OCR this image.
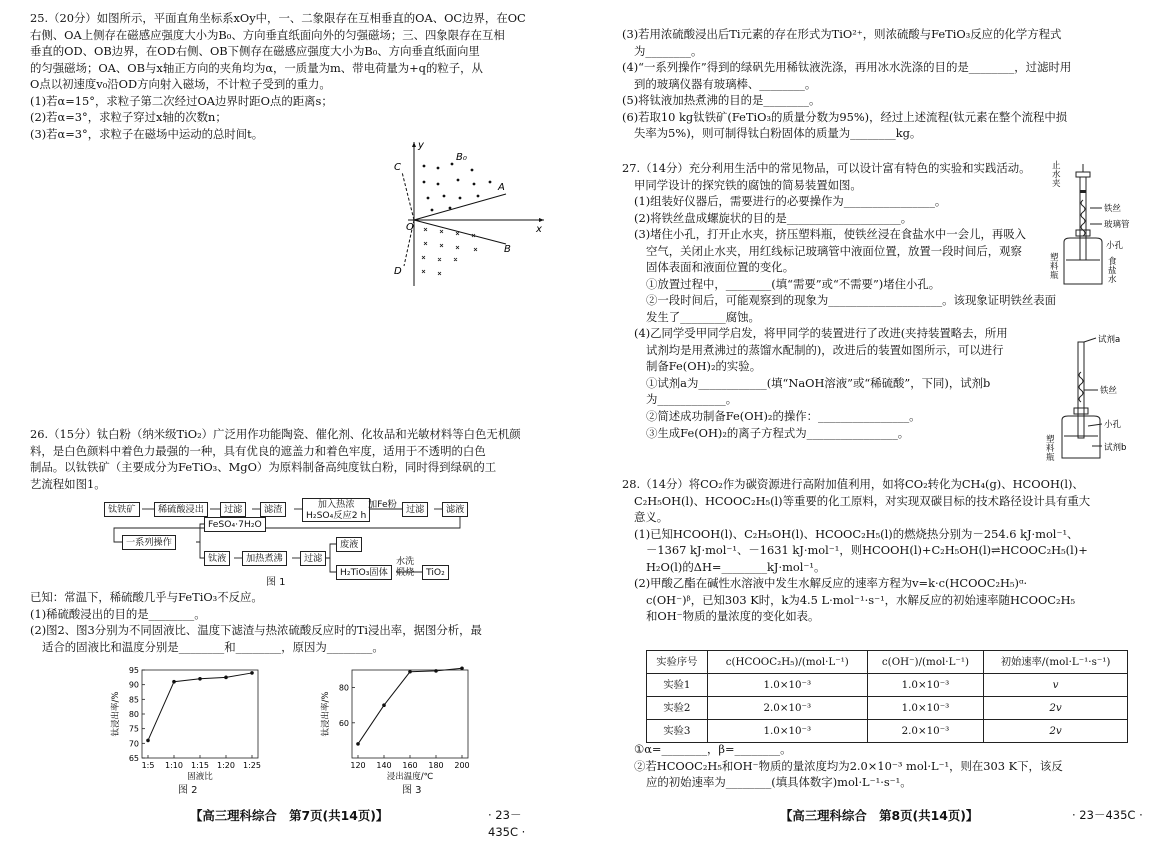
25.（20分）如图所示，平面直角坐标系xOy中，一、二象限存在互相垂直的OA、OC边界，在OC
右侧、OA上侧存在磁感应强度大小为B₀、方向垂直纸面向外的匀强磁场；三、四象限存在互相
垂直的OD、OB边界，在OD右侧、OB下侧存在磁感应强度大小为B₀、方向垂直纸面向里
的匀强磁场；OA、OB与x轴正方向的夹角均为α，一质量为m、带电荷量为+q的粒子，从
O点以初速度v₀沿OD方向射入磁场，不计粒子受到的重力。
(1)若α=15°，求粒子第二次经过OA边界时距O点的距离s；
(2)若α=3°，求粒子穿过x轴的次数n；
(3)若α=3°，求粒子在磁场中运动的总时间t。
C
B₀
A
x
O
B
D
y
26.（15分）钛白粉（纳米级TiO₂）广泛用作功能陶瓷、催化剂、化妆品和光敏材料等白色无机颜
料，是白色颜料中着色力最强的一种，具有优良的遮盖力和着色牢度，适用于不透明的白色
制品。以钛铁矿（主要成分为FeTiO₃、MgO）为原料制备高纯度钛白粉，同时得到绿矾的工
艺流程如图1。
钛铁矿	稀硫酸浸出	过滤	滤渣	加入热浓
H₂SO₄反应2 h
加Fe粉 过滤	滤液
一系列操作
FeSO₄·7H₂O
钛液	加热煮沸	过滤
废液
H₂TiO₃固体
水洗
煅烧	TiO₂
图 1
已知：常温下，稀硫酸几乎与FeTiO₃不反应。
(1)稀硫酸浸出的目的是________。
(2)图2、图3分别为不同固液比、温度下滤渣与热浓硫酸反应时的Ti浸出率，据图分析，最
适合的固液比和温度分别是________和________，原因为________。
65
70
75
80
85
90
95
1:5 1:10 1:15 1:20 1:25
固液比
钛浸出率/%
图 2
60
80
120 140 160 180 200
浸出温度/℃
钛浸出率/%
图 3
【高三理科综合　第7页(共14页)】	· 23－435C ·
(3)若用浓硫酸浸出后Ti元素的存在形式为TiO²⁺，则浓硫酸与FeTiO₃反应的化学方程式
为________。
(4)“一系列操作”得到的绿矾先用稀钛液洗涤，再用冰水洗涤的目的是________，过滤时用
到的玻璃仪器有玻璃棒、________。
(5)将钛液加热煮沸的目的是________。
(6)若取10 kg钛铁矿(FeTiO₃的质量分数为95%)，经过上述流程(钛元素在整个流程中损
失率为5%)，则可制得钛白粉固体的质量为________kg。
27.（14分）充分利用生活中的常见物品，可以设计富有特色的实验和实践活动。
甲同学设计的探究铁的腐蚀的简易装置如图。
(1)组装好仪器后，需要进行的必要操作为________________。
(2)将铁丝盘成螺旋状的目的是____________________。
(3)堵住小孔，打开止水夹，挤压塑料瓶，使铁丝浸在食盐水中一会儿，再吸入
空气，关闭止水夹，用红线标记玻璃管中液面位置，放置一段时间后，观察
固体表面和液面位置的变化。
①放置过程中，________(填“需要”或“不需要”)堵住小孔。
②一段时间后，可能观察到的现象为____________________。该现象证明铁丝表面
发生了________腐蚀。
(4)乙同学受甲同学启发，将甲同学的装置进行了改进(夹持装置略去，所用
试剂均是用煮沸过的蒸馏水配制的)，改进后的装置如图所示，可以进行
制备Fe(OH)₂的实验。
①试剂a为____________(填“NaOH溶液”或“稀硫酸”，下同)，试剂b
为____________。
②简述成功制备Fe(OH)₂的操作：________________。
③生成Fe(OH)₂的离子方程式为________________。
止水夹
铁丝
玻璃管
小孔
塑料瓶
食盐水
试剂a
铁丝
小孔
塑料瓶
试剂b
28.（14分）将CO₂作为碳资源进行高附加值利用，如将CO₂转化为CH₄(g)、HCOOH(l)、
C₂H₅OH(l)、HCOOC₂H₅(l)等重要的化工原料，对实现双碳目标的技术路径设计具有重大
意义。
(1)已知HCOOH(l)、C₂H₅OH(l)、HCOOC₂H₅(l)的燃烧热分别为－254.6 kJ·mol⁻¹、
－1367 kJ·mol⁻¹、－1631 kJ·mol⁻¹，则HCOOH(l)+C₂H₅OH(l)⇌HCOOC₂H₅(l)+
H₂O(l)的ΔH=________kJ·mol⁻¹。
(2)甲酸乙酯在碱性水溶液中发生水解反应的速率方程为v=k·c(HCOOC₂H₅)ᵅ·
c(OH⁻)ᵝ，已知303 K时，k为4.5 L·mol⁻¹·s⁻¹，水解反应的初始速率随HCOOC₂H₅
和OH⁻物质的量浓度的变化如表。
实验序号	c(HCOOC₂H₅)/(mol·L⁻¹)	c(OH⁻)/(mol·L⁻¹)	初始速率/(mol·L⁻¹·s⁻¹)
实验1	1.0×10⁻³	1.0×10⁻³	v
实验2	2.0×10⁻³	1.0×10⁻³	2v
实验3	1.0×10⁻³	2.0×10⁻³	2v
①α=________，β=________。
②若HCOOC₂H₅和OH⁻物质的量浓度均为2.0×10⁻³ mol·L⁻¹，则在303 K下，该反
应的初始速率为________(填具体数字)mol·L⁻¹·s⁻¹。
【高三理科综合　第8页(共14页)】	· 23－435C ·
